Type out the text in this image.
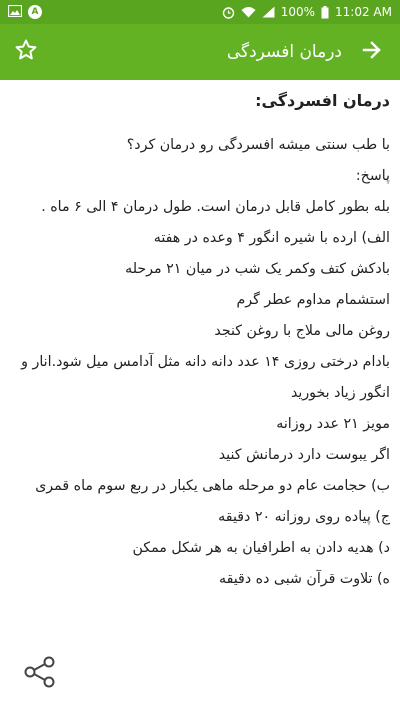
A	100% 11:02 AM
درمان افسردگی
درمان افسردگی:
با طب سنتی میشه افسردگی رو درمان کرد؟
پاسخ:
بله بطور کامل قابل درمان است. طول درمان ۴ الی ۶ ماه .
الف) ارده با شیره انگور ۴ وعده در هفته
بادکش کتف وکمر یک شب در میان ۲۱ مرحله
استشمام مداوم عطر گرم
روغن مالی ملاج با روغن کنجد
بادام درختی روزی ۱۴ عدد دانه دانه مثل آدامس میل شود.انار و
انگور زیاد بخورید
مویز ۲۱ عدد روزانه
اگر یبوست دارد درمانش کنید
ب) حجامت عام دو مرحله ماهی یکبار در ربع سوم ماه قمری
ج) پیاده روی روزانه ۲۰ دقیقه
د) هدیه دادن به اطرافیان به هر شکل ممکن
ه) تلاوت قرآن شبی ده دقیقه
